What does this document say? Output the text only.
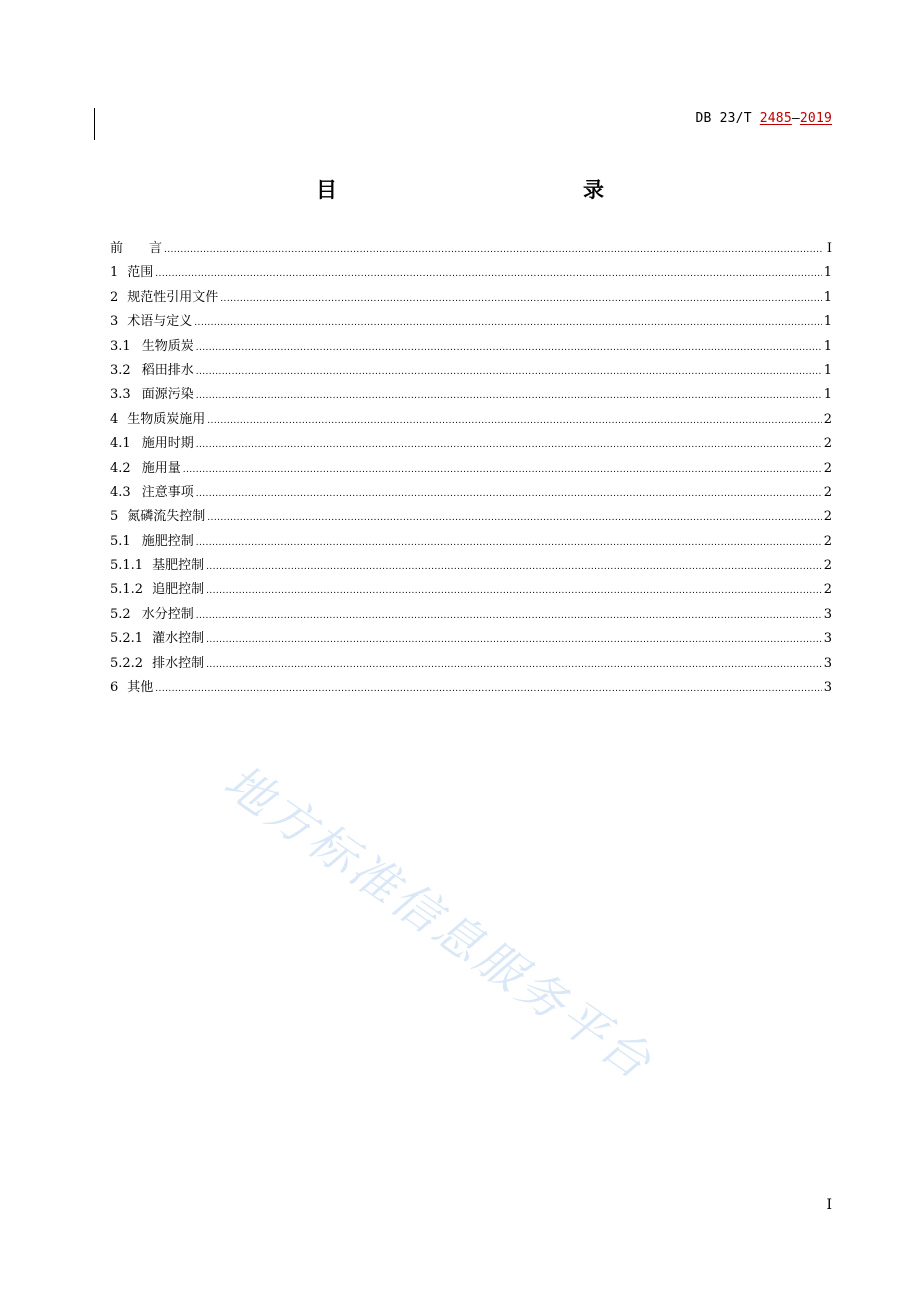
DB 23/T 2485—2019
目　　录
前　　言 .....	I
1 范围 .....	1
2 规范性引用文件 .....	1
3 术语与定义 .....	1
3.1 生物质炭 .....	1
3.2 稻田排水 .....	1
3.3 面源污染 .....	1
4 生物质炭施用 .....	2
4.1 施用时期 .....	2
4.2 施用量 .....	2
4.3 注意事项 .....	2
5 氮磷流失控制 .....	2
5.1 施肥控制 .....	2
5.1.1 基肥控制 .....	2
5.1.2 追肥控制 .....	2
5.2 水分控制 .....	3
5.2.1 灌水控制 .....	3
5.2.2 排水控制 .....	3
6 其他 .....	3
地方标准信息服务平台
I
